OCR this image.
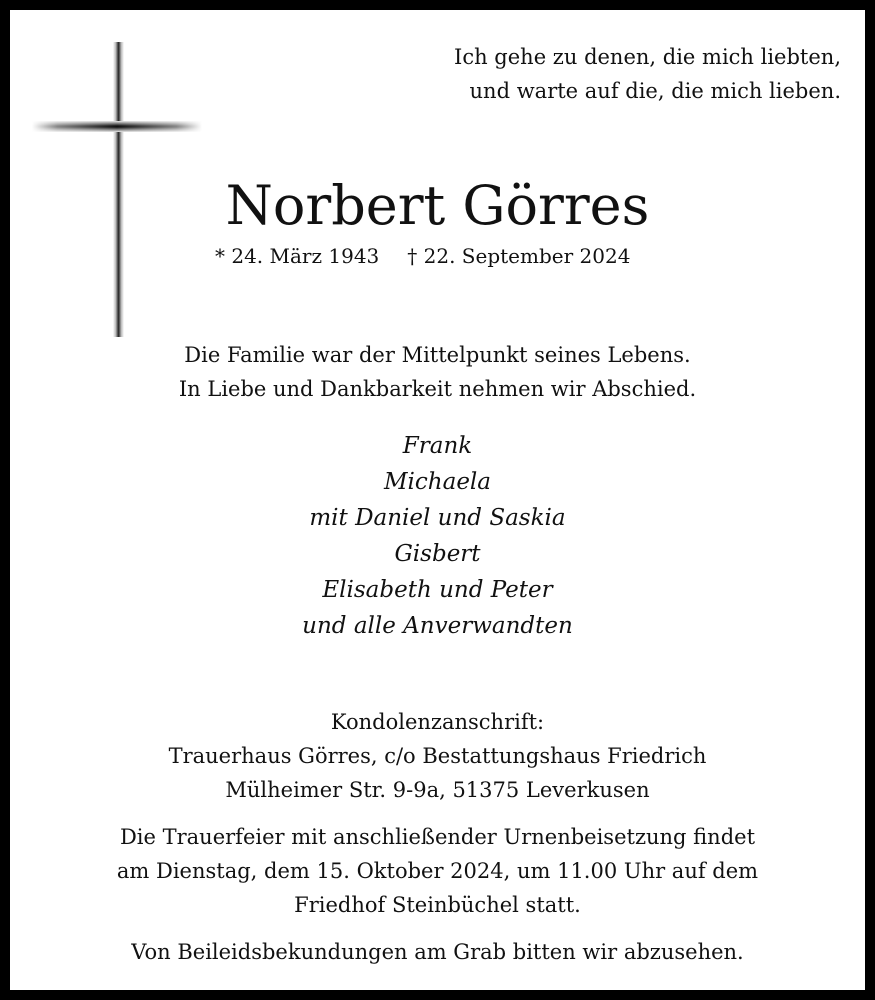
Ich gehe zu denen, die mich liebten,
und warte auf die, die mich lieben.
Norbert Görres
* 24. März 1943 † 22. September 2024
Die Familie war der Mittelpunkt seines Lebens.
In Liebe und Dankbarkeit nehmen wir Abschied.
Frank
Michaela
mit Daniel und Saskia
Gisbert
Elisabeth und Peter
und alle Anverwandten
Kondolenzanschrift:
Trauerhaus Görres, c/o Bestattungshaus Friedrich
Mülheimer Str. 9-9a, 51375 Leverkusen
Die Trauerfeier mit anschließender Urnenbeisetzung findet
am Dienstag, dem 15. Oktober 2024, um 11.00 Uhr auf dem
Friedhof Steinbüchel statt.
Von Beileidsbekundungen am Grab bitten wir abzusehen.
